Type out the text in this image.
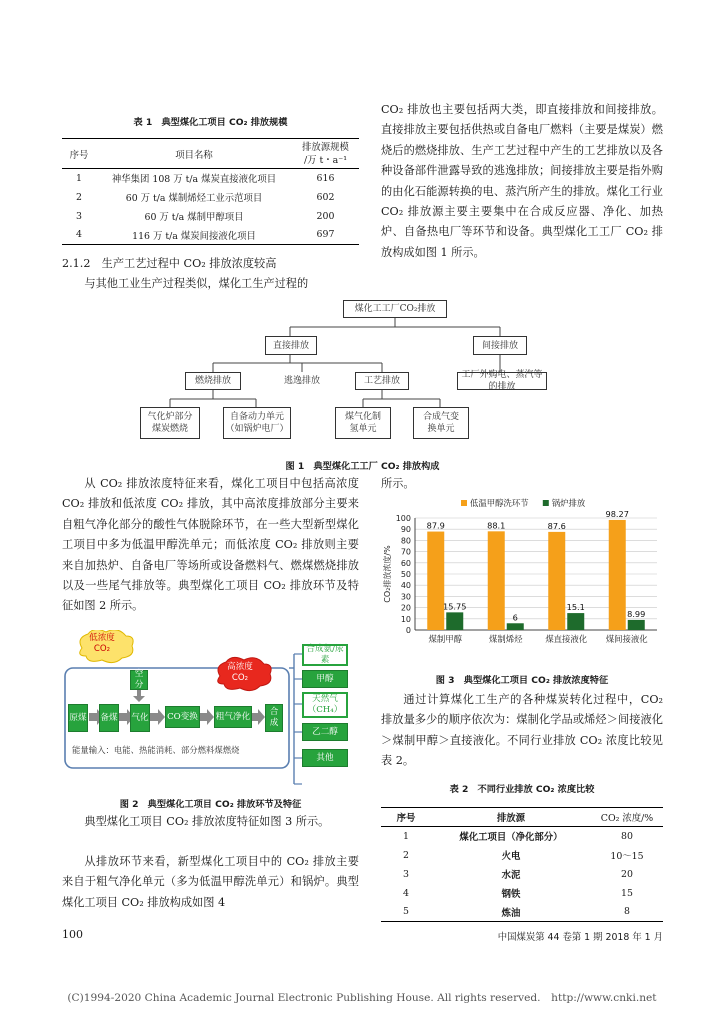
表 1　典型煤化工项目 CO₂ 排放规模
序号	项目名称	排放源规模
/万 t・a⁻¹

1	神华集团 108 万 t/a 煤炭直接液化项目	616
2	60 万 t/a 煤制烯烃工业示范项目	602
3	60 万 t/a 煤制甲醇项目	200
4	116 万 t/a 煤炭间接液化项目	697
CO₂ 排放也主要包括两大类，即直接排放和间接排放。直接排放主要包括供热或自备电厂燃料（主要是煤炭）燃烧后的燃烧排放、生产工艺过程中产生的工艺排放以及各种设备部件泄露导致的逃逸排放；间接排放主要是指外购的由化石能源转换的电、蒸汽所产生的排放。煤化工行业 CO₂ 排放源主要主要集中在合成反应器、净化、加热炉、自备热电厂等环节和设备。典型煤化工工厂 CO₂ 排放构成如图 1 所示。
2.1.2　生产工艺过程中 CO₂ 排放浓度较高
与其他工业生产过程类似，煤化工生产过程的
煤化工工厂CO₂排放
直接排放	间接排放
燃烧排放	逃逸排放	工艺排放
工厂外购电、蒸汽等的排放
气化炉部分
煤炭燃烧
自备动力单元
（如锅炉电厂）
煤气化制
氢单元
合成气变
换单元
图 1　典型煤化工工厂 CO₂ 排放构成
从 CO₂ 排放浓度特征来看，煤化工项目中包括高浓度 CO₂ 排放和低浓度 CO₂ 排放，其中高浓度排放部分主要来自粗气净化部分的酸性气体脱除环节，在一些大型新型煤化工项目中多为低温甲醇洗单元；而低浓度 CO₂ 排放则主要来自加热炉、自备电厂等场所或设备燃料气、燃煤燃烧排放以及一些尾气排放等。典型煤化工项目 CO₂ 排放环节及特征如图 2 所示。
所示。
低浓度
CO₂
高浓度
CO₂
原煤 备煤
空分
气化 CO变换 粗气净化	合成
能量输入：电能、热能消耗、部分燃料煤燃烧
合成氨/尿素
甲醇
天然气
（CH₄）
乙二醇
其他
图 2　典型煤化工项目 CO₂ 排放环节及特征
典型煤化工项目 CO₂ 排放浓度特征如图 3 所示。
从排放环节来看，新型煤化工项目中的 CO₂ 排放主要来自于粗气净化单元（多为低温甲醇洗单元）和锅炉。典型煤化工项目 CO₂ 排放构成如图 4
0
10
20
30
40
50
60
70
80
90
100
87.9
15.75
88.1
6
87.6
15.1
98.27
8.99
煤制甲醇	煤制烯烃	煤直接液化 煤间接液化
低温甲醇洗环节	锅炉排放
CO₂排放浓度/%
图 3　典型煤化工项目 CO₂ 排放浓度特征
通过计算煤化工生产的各种煤炭转化过程中，CO₂ 排放量多少的顺序依次为：煤制化学品或烯烃＞间接液化＞煤制甲醇＞直接液化。不同行业排放 CO₂ 浓度比较见表 2。
表 2　不同行业排放 CO₂ 浓度比较
序号	排放源	CO₂ 浓度/%
1	煤化工项目（净化部分）	80
2	火电	10～15
3	水泥	20
4	钢铁	15
5	炼油	8
100	中国煤炭第 44 卷第 1 期 2018 年 1 月
(C)1994-2020 China Academic Journal Electronic Publishing House. All rights reserved.　http://www.cnki.net
